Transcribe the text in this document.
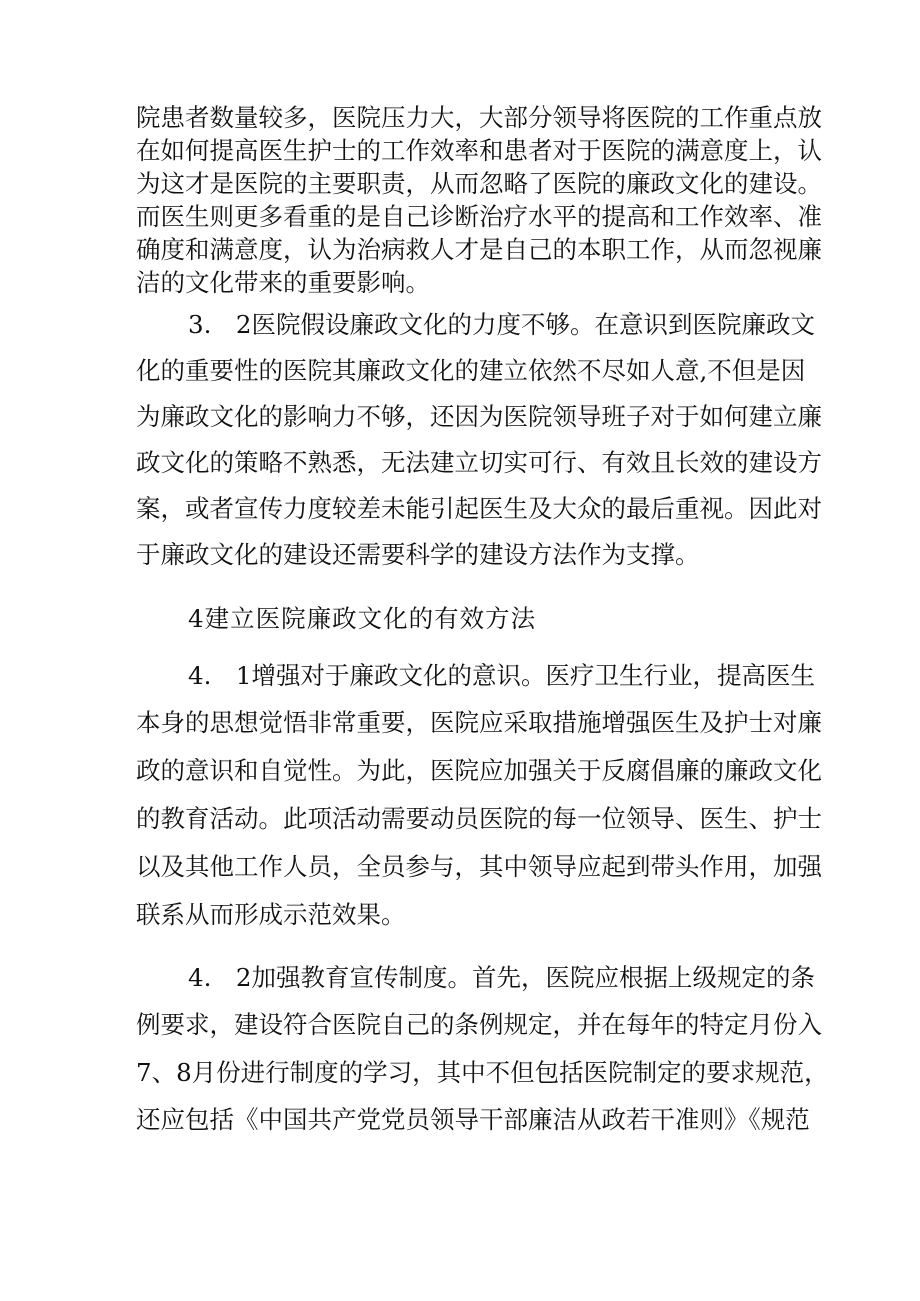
院患者数量较多，医院压力大，大部分领导将医院的工作重点放
在如何提高医生护士的工作效率和患者对于医院的满意度上，认
为这才是医院的主要职责，从而忽略了医院的廉政文化的建设。
而医生则更多看重的是自己诊断治疗水平的提高和工作效率、准
确度和满意度，认为治病救人才是自己的本职工作，从而忽视廉
洁的文化带来的重要影响。
3.　2医院假设廉政文化的力度不够。在意识到医院廉政文
化的重要性的医院其廉政文化的建立依然不尽如人意,不但是因
为廉政文化的影响力不够，还因为医院领导班子对于如何建立廉
政文化的策略不熟悉，无法建立切实可行、有效且长效的建设方
案，或者宣传力度较差未能引起医生及大众的最后重视。因此对
于廉政文化的建设还需要科学的建设方法作为支撑。
4建立医院廉政文化的有效方法
4.　1增强对于廉政文化的意识。医疗卫生行业，提高医生
本身的思想觉悟非常重要，医院应采取措施增强医生及护士对廉
政的意识和自觉性。为此，医院应加强关于反腐倡廉的廉政文化
的教育活动。此项活动需要动员医院的每一位领导、医生、护士
以及其他工作人员，全员参与，其中领导应起到带头作用，加强
联系从而形成示范效果。
4.　2加强教育宣传制度。首先，医院应根据上级规定的条
例要求，建设符合医院自己的条例规定，并在每年的特定月份入
7、8月份进行制度的学习，其中不但包括医院制定的要求规范，
还应包括《中国共产党党员领导干部廉洁从政若干准则》《规范
